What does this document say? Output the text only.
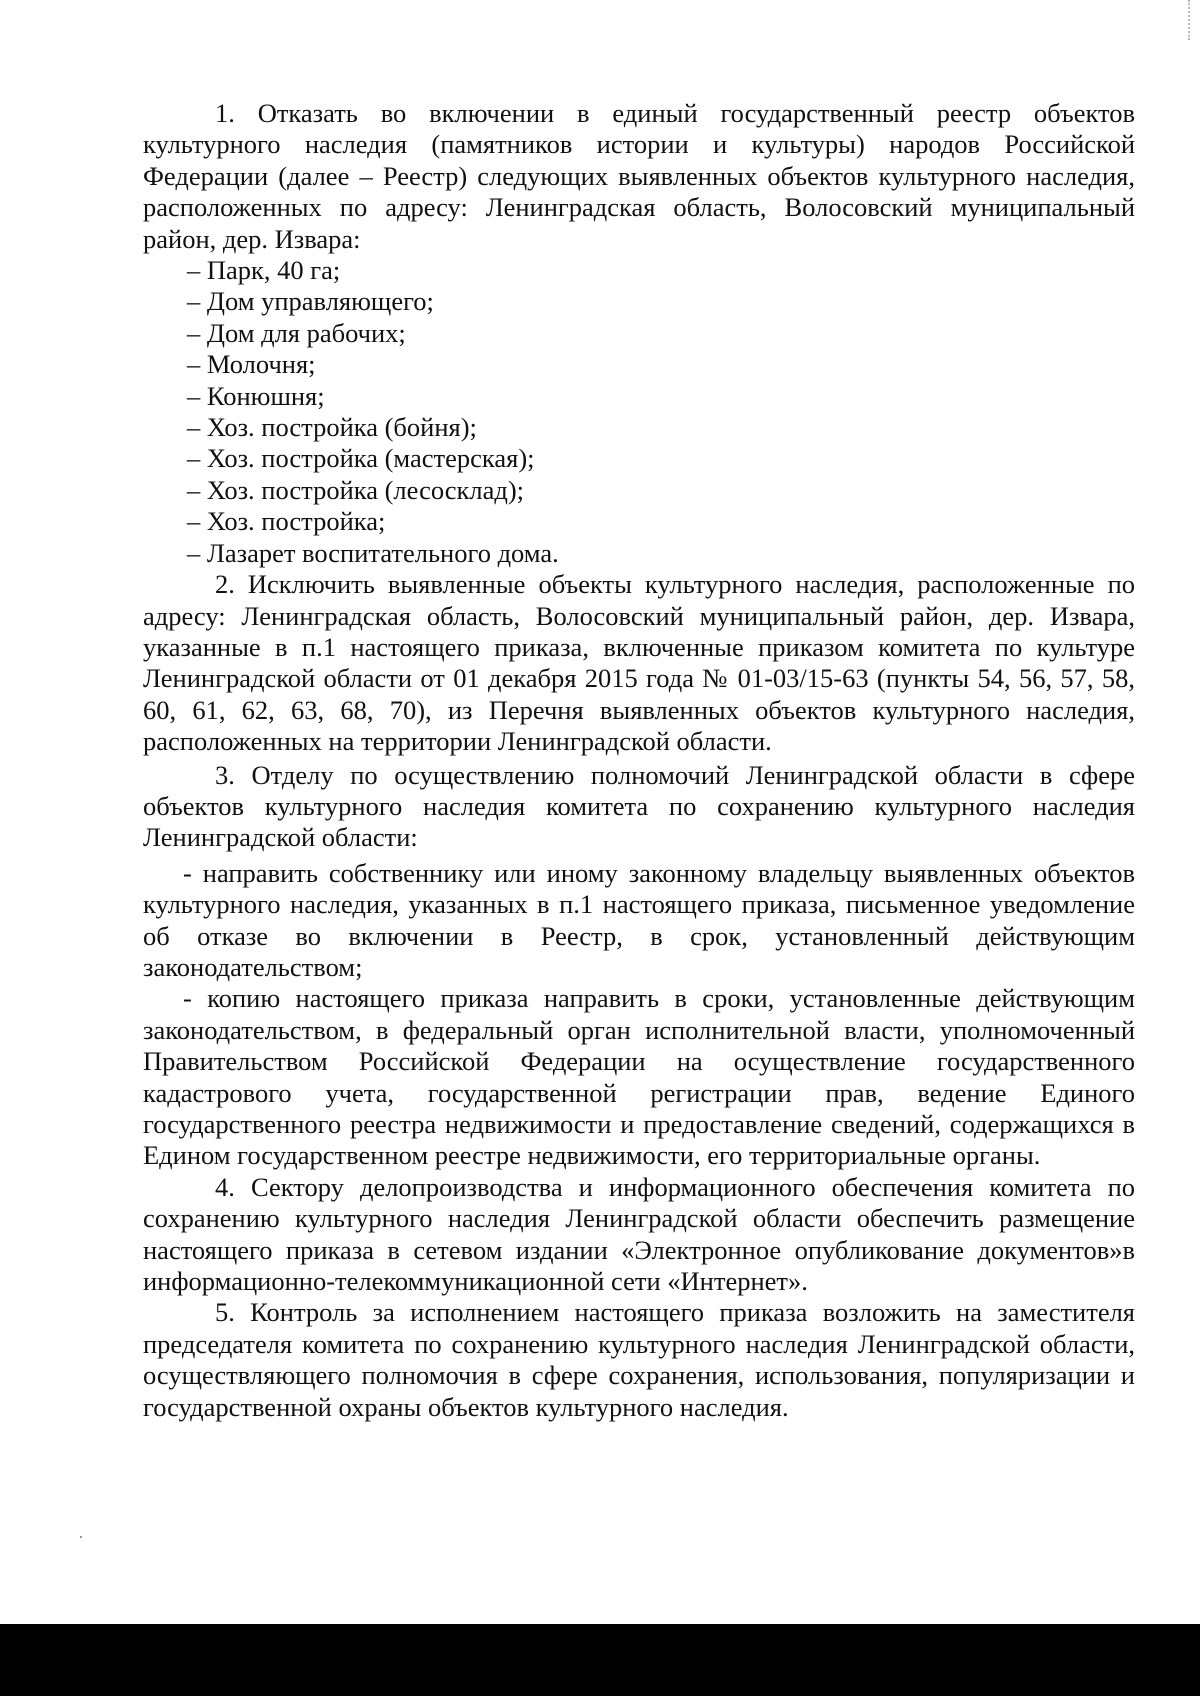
1. Отказать во включении в единый государственный реестр объектов культурного наследия (памятников истории и культуры) народов Российской Федерации (далее – Реестр) следующих выявленных объектов культурного наследия, расположенных по адресу: Ленинградская область, Волосовский муниципальный район, дер. Извара:

– Парк, 40 га;

– Дом управляющего;

– Дом для рабочих;

– Молочня;

– Конюшня;

– Хоз. постройка (бойня);

– Хоз. постройка (мастерская);

– Хоз. постройка (лесосклад);

– Хоз. постройка;

– Лазарет воспитательного дома.

2. Исключить выявленные объекты культурного наследия, расположенные по адресу: Ленинградская область, Волосовский муниципальный район, дер. Извара, указанные в п.1 настоящего приказа, включенные приказом комитета по культуре Ленинградской области от 01 декабря 2015 года № 01-03/15-63 (пункты 54, 56, 57, 58, 60, 61, 62, 63, 68, 70), из Перечня выявленных объектов культурного наследия, расположенных на территории Ленинградской области.

3. Отделу по осуществлению полномочий Ленинградской области в сфере объектов культурного наследия комитета по сохранению культурного наследия Ленинградской области:

- направить собственнику или иному законному владельцу выявленных объектов культурного наследия, указанных в п.1 настоящего приказа, письменное уведомление об отказе во включении в Реестр, в срок, установленный действующим законодательством;

- копию настоящего приказа направить в сроки, установленные действующим законодательством, в федеральный орган исполнительной власти, уполномоченный Правительством Российской Федерации на осуществление государственного кадастрового учета, государственной регистрации прав, ведение Единого государственного реестра недвижимости и предоставление сведений, содержащихся в Едином государственном реестре недвижимости, его территориальные органы.

4. Сектору делопроизводства и информационного обеспечения комитета по сохранению культурного наследия Ленинградской области обеспечить размещение настоящего приказа в сетевом издании «Электронное опубликование документов»в информационно-телекоммуникационной сети «Интернет».

5. Контроль за исполнением настоящего приказа возложить на заместителя председателя комитета по сохранению культурного наследия Ленинградской области, осуществляющего полномочия в сфере сохранения, использования, популяризации и государственной охраны объектов культурного наследия.
